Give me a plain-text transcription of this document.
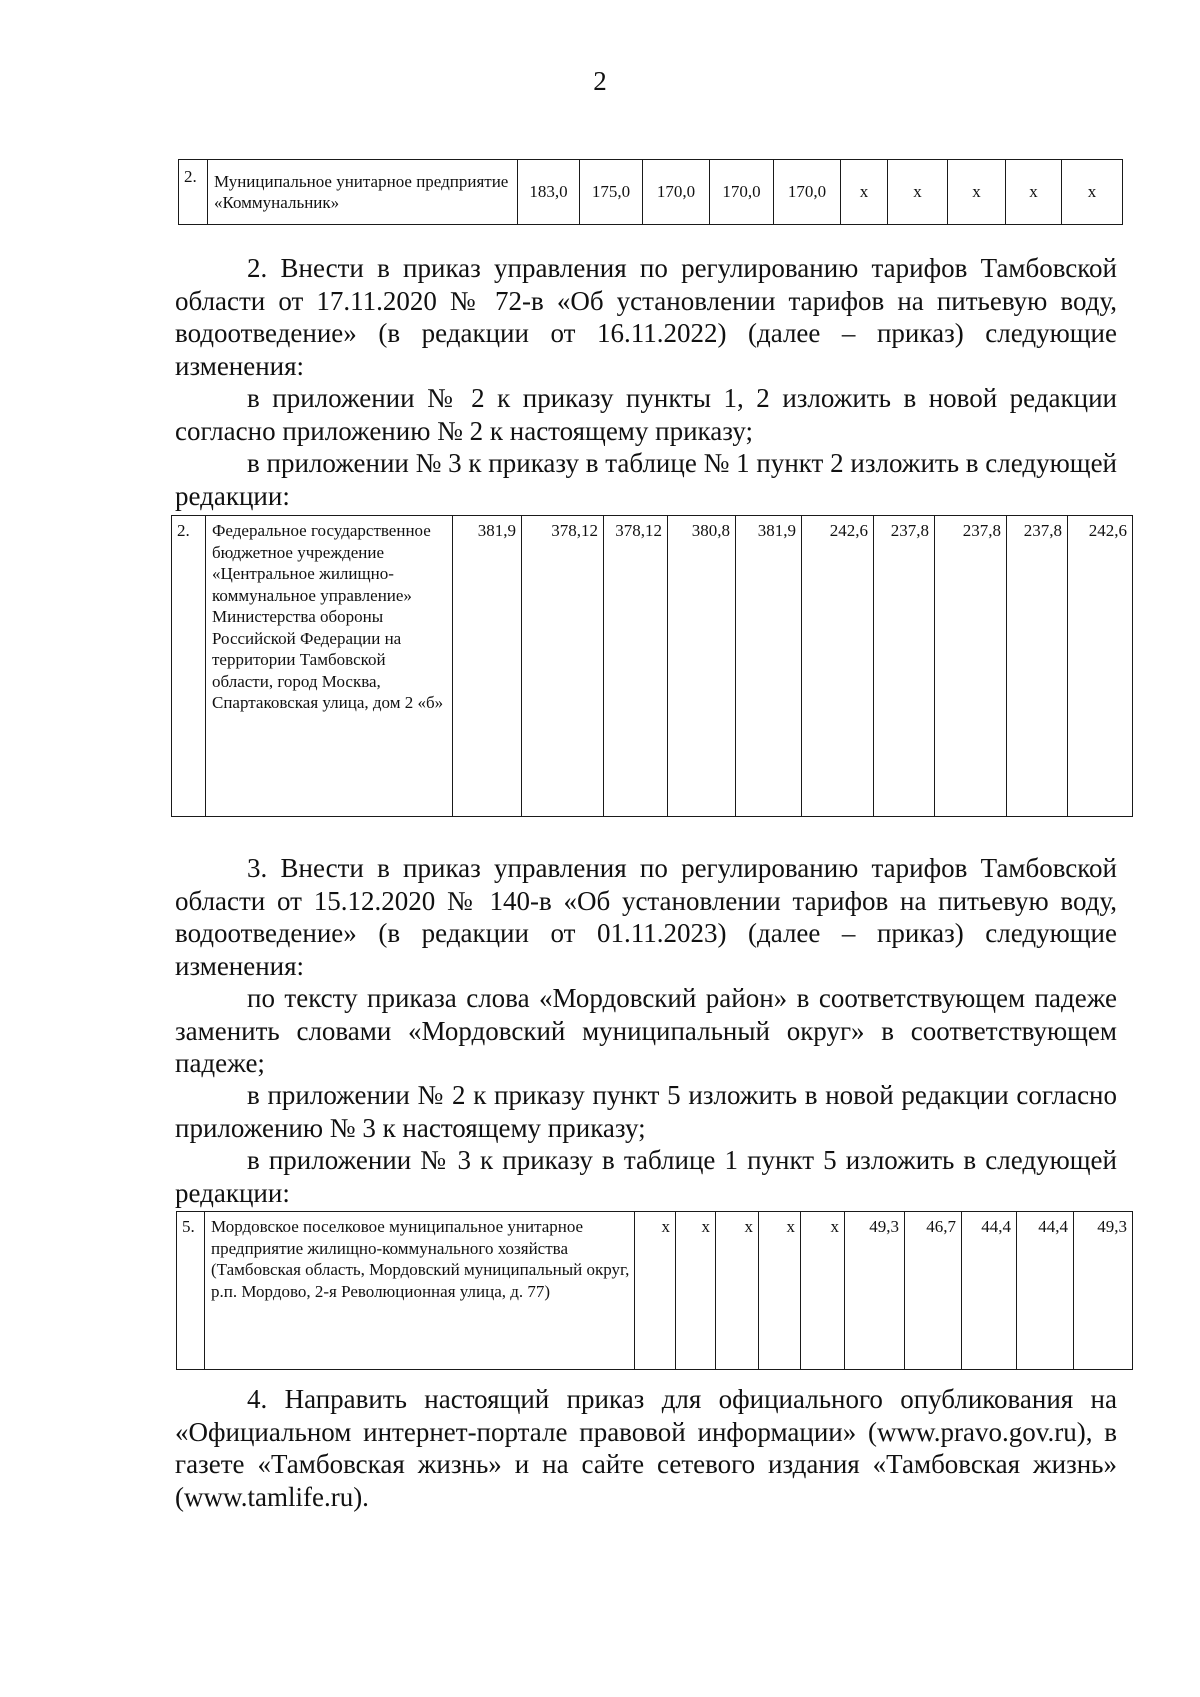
2
2.	Муниципальное унитарное предприятие «Коммунальник»	183,0	175,0	170,0	170,0	170,0	х	х	х	х	х

2. Внести в приказ управления по регулированию тарифов Тамбовской области от 17.11.2020 № 72-в «Об установлении тарифов на питьевую воду, водоотведение» (в редакции от 16.11.2022) (далее – приказ) следующие изменения:

в приложении № 2 к приказу пункты 1, 2 изложить в новой редакции согласно приложению № 2 к настоящему приказу;

в приложении № 3 к приказу в таблице № 1 пункт 2 изложить в следующей редакции:

2.	Федеральное государственное бюджетное учреждение «Центральное жилищно-коммунальное управление» Министерства обороны Российской Федерации на территории Тамбовской области, город Москва, Спартаковская улица, дом 2 «б»	381,9	378,12	378,12	380,8	381,9	242,6	237,8	237,8	237,8	242,6

3. Внести в приказ управления по регулированию тарифов Тамбовской области от 15.12.2020 № 140-в «Об установлении тарифов на питьевую воду, водоотведение» (в редакции от 01.11.2023) (далее – приказ) следующие изменения:

по тексту приказа слова «Мордовский район» в соответствующем падеже заменить словами «Мордовский муниципальный округ» в соответствующем падеже;

в приложении № 2 к приказу пункт 5 изложить в новой редакции согласно приложению № 3 к настоящему приказу;

в приложении № 3 к приказу в таблице 1 пункт 5 изложить в следующей редакции:

5.	Мордовское поселковое муниципальное унитарное предприятие жилищно-коммунального хозяйства (Тамбовская область, Мордовский муниципальный округ, р.п. Мордово, 2-я Революционная улица, д. 77)	х	х	х	х	х	49,3	46,7	44,4	44,4	49,3

4. Направить настоящий приказ для официального опубликования на «Официальном интернет-портале правовой информации» (www.pravo.gov.ru), в газете «Тамбовская жизнь» и на сайте сетевого издания «Тамбовская жизнь» (www.tamlife.ru).
